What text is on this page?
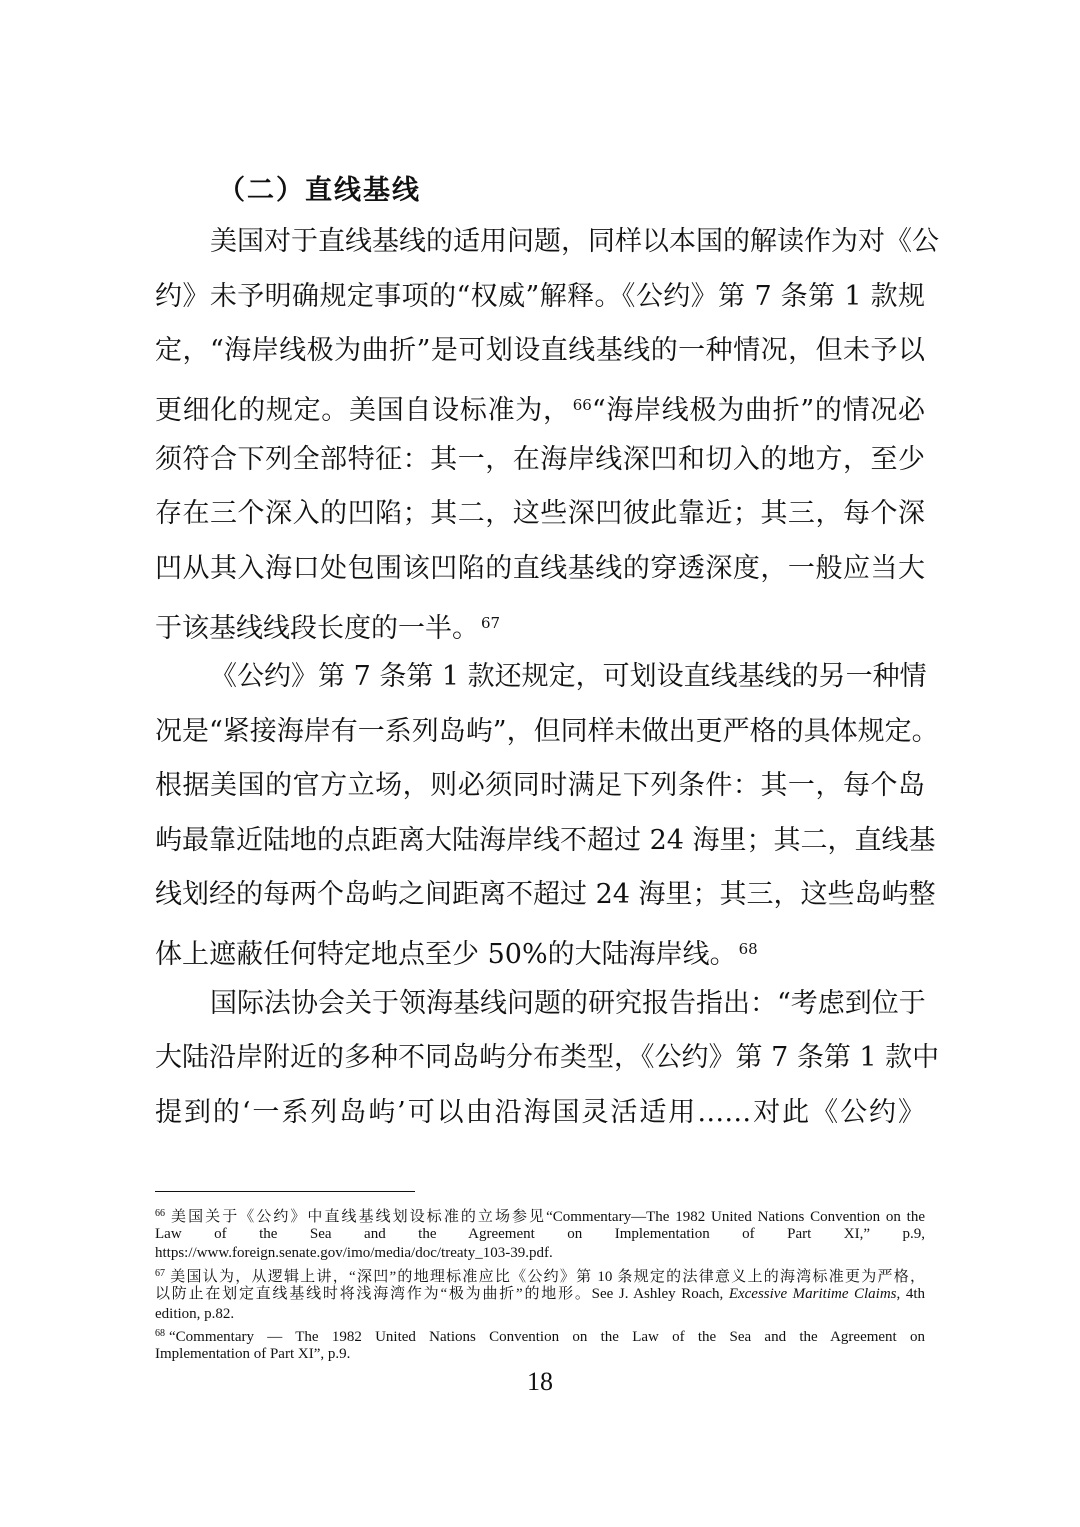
（二）直线基线
美国对于直线基线的适用问题，同样以本国的解读作为对《公
约》未予明确规定事项的“权威”解释。《公约》第 7 条第 1 款规
定，“海岸线极为曲折”是可划设直线基线的一种情况，但未予以
更细化的规定。美国自设标准为， $^{66}$“海岸线极为曲折”的情况必
须符合下列全部特征：其一，在海岸线深凹和切入的地方，至少
存在三个深入的凹陷；其二，这些深凹彼此靠近；其三，每个深
凹从其入海口处包围该凹陷的直线基线的穿透深度，一般应当大
于该基线线段长度的一半。 $^{67}$
《公约》第 7 条第 1 款还规定，可划设直线基线的另一种情
况是“紧接海岸有一系列岛屿”，但同样未做出更严格的具体规定。
根据美国的官方立场，则必须同时满足下列条件：其一，每个岛
屿最靠近陆地的点距离大陆海岸线不超过 24 海里；其二，直线基
线划经的每两个岛屿之间距离不超过 24 海里；其三，这些岛屿整
体上遮蔽任何特定地点至少 50%的大陆海岸线。 $^{68}$
国际法协会关于领海基线问题的研究报告指出：“考虑到位于
大陆沿岸附近的多种不同岛屿分布类型，《公约》第 7 条第 1 款中
提到的‘一系列岛屿’可以由沿海国灵活适用……对此《公约》
$^{66}$ 美国关于《公约》中直线基线划设标准的立场参见“Commentary—The 1982 United Nations Convention on the
Law of the Sea and the Agreement on Implementation of Part XI,” p.9,
https://www.foreign.senate.gov/imo/media/doc/treaty_103-39.pdf.
$^{67}$ 美国认为，从逻辑上讲，“深凹”的地理标准应比《公约》第 10 条规定的法律意义上的海湾标准更为严格，
以防止在划定直线基线时将浅海湾作为“极为曲折”的地形。See J. Ashley Roach, Excessive Maritime Claims, 4th
edition, p.82.
$^{68}$ “Commentary — The 1982 United Nations Convention on the Law of the Sea and the Agreement on
Implementation of Part XI”, p.9.
18
